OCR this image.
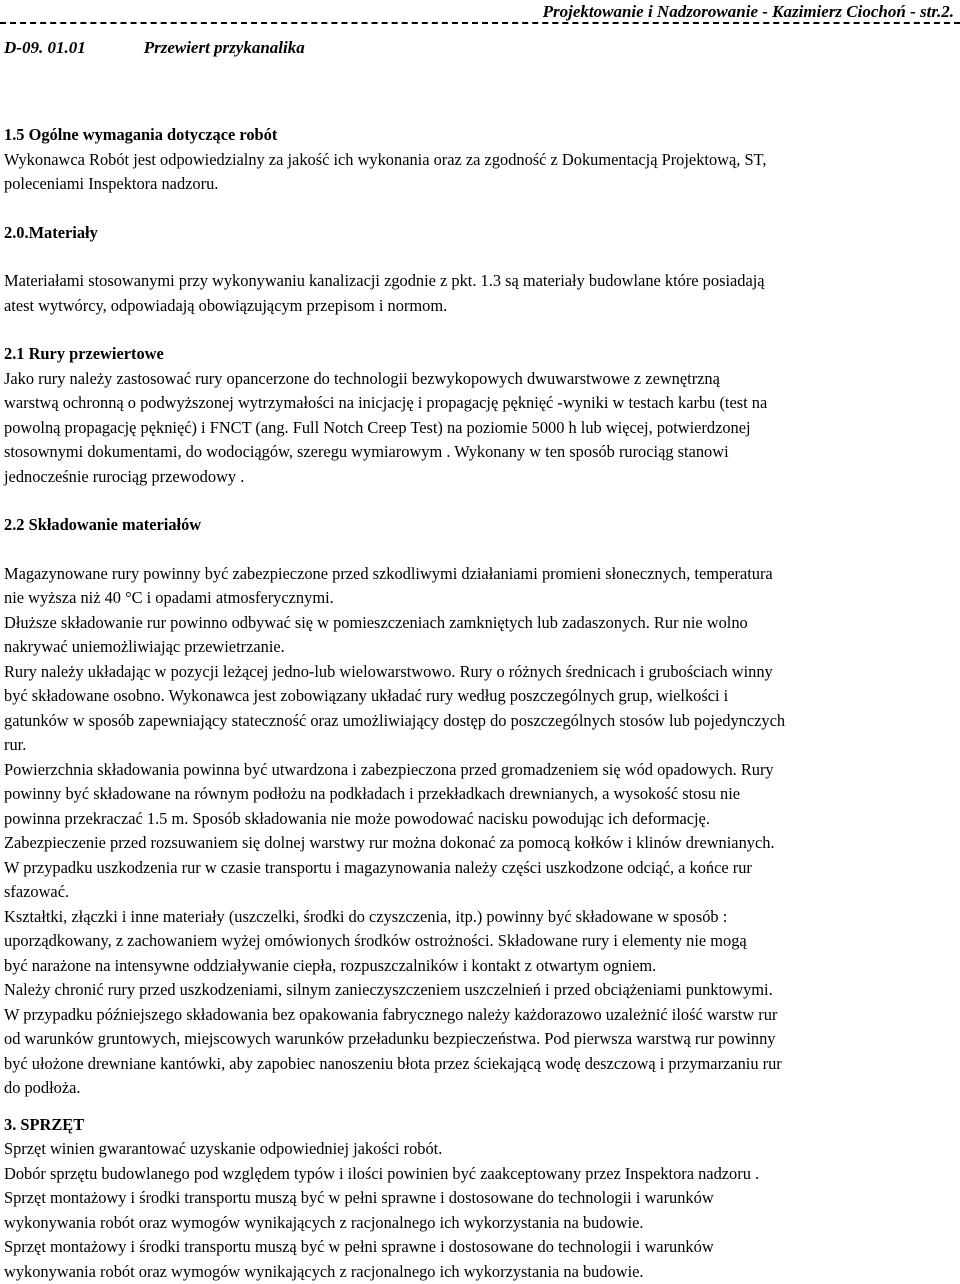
Projektowanie i Nadzorowanie - Kazimierz Ciochoń - str.2.
D-09. 01.01	Przewiert przykanalika

1.5 Ogólne wymagania dotyczące robót

Wykonawca Robót jest odpowiedzialny za jakość ich wykonania oraz za zgodność z Dokumentacją Projektową, ST,

poleceniami Inspektora nadzoru.

2.0.Materiały

Materiałami stosowanymi przy wykonywaniu kanalizacji zgodnie z pkt. 1.3 są materiały budowlane które posiadają

atest wytwórcy, odpowiadają obowiązującym przepisom i normom.

2.1 Rury przewiertowe

Jako rury należy zastosować rury opancerzone do technologii bezwykopowych dwuwarstwowe z zewnętrzną

warstwą ochronną o podwyższonej wytrzymałości na inicjację i propagację pęknięć -wyniki w testach karbu (test na

powolną propagację pęknięć) i FNCT (ang. Full Notch Creep Test) na poziomie 5000 h lub więcej, potwierdzonej

stosownymi dokumentami, do wodociągów, szeregu wymiarowym . Wykonany w ten sposób rurociąg stanowi

jednocześnie rurociąg przewodowy .

2.2 Składowanie materiałów

Magazynowane rury powinny być zabezpieczone przed szkodliwymi działaniami promieni słonecznych, temperatura

nie wyższa niż 40 °C i opadami atmosferycznymi.

Dłuższe składowanie rur powinno odbywać się w pomieszczeniach zamkniętych lub zadaszonych. Rur nie wolno

nakrywać uniemożliwiając przewietrzanie.

Rury należy układając w pozycji leżącej jedno-lub wielowarstwowo. Rury o różnych średnicach i grubościach winny

być składowane osobno. Wykonawca jest zobowiązany układać rury według poszczególnych grup, wielkości i

gatunków w sposób zapewniający stateczność oraz umożliwiający dostęp do poszczególnych stosów lub pojedynczych

rur.

Powierzchnia składowania powinna być utwardzona i zabezpieczona przed gromadzeniem się wód opadowych. Rury

powinny być składowane na równym podłożu na podkładach i przekładkach drewnianych, a wysokość stosu nie

powinna przekraczać 1.5 m. Sposób składowania nie może powodować nacisku powodując ich deformację.

Zabezpieczenie przed rozsuwaniem się dolnej warstwy rur można dokonać za pomocą kołków i klinów drewnianych.

W przypadku uszkodzenia rur w czasie transportu i magazynowania należy części uszkodzone odciąć, a końce rur

sfazować.

Kształtki, złączki i inne materiały (uszczelki, środki do czyszczenia, itp.) powinny być składowane w sposób :

uporządkowany, z zachowaniem wyżej omówionych środków ostrożności. Składowane rury i elementy nie mogą

być narażone na intensywne oddziaływanie ciepła, rozpuszczalników i kontakt z otwartym ogniem.

Należy chronić rury przed uszkodzeniami, silnym zanieczyszczeniem uszczelnień i przed obciążeniami punktowymi.

W przypadku późniejszego składowania bez opakowania fabrycznego należy każdorazowo uzależnić ilość warstw rur

od warunków gruntowych, miejscowych warunków przeładunku bezpieczeństwa. Pod pierwsza warstwą rur powinny

być ułożone drewniane kantówki, aby zapobiec nanoszeniu błota przez ściekającą wodę deszczową i przymarzaniu rur

do podłoża.

3. SPRZĘT

Sprzęt winien gwarantować uzyskanie odpowiedniej jakości robót.

Dobór sprzętu budowlanego pod względem typów i ilości powinien być zaakceptowany przez Inspektora nadzoru .

Sprzęt montażowy i środki transportu muszą być w pełni sprawne i dostosowane do technologii i warunków

wykonywania robót oraz wymogów wynikających z racjonalnego ich wykorzystania na budowie.

Sprzęt montażowy i środki transportu muszą być w pełni sprawne i dostosowane do technologii i warunków

wykonywania robót oraz wymogów wynikających z racjonalnego ich wykorzystania na budowie.
